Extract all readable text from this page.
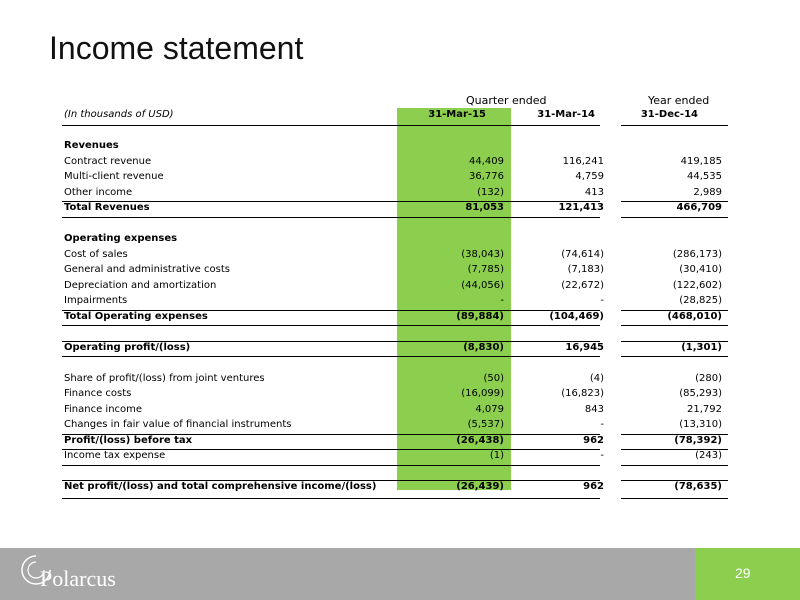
Income statement
Quarter ended	Year ended
(In thousands of USD)	31-Mar-15	31-Mar-14	31-Dec-14
Revenues
Contract revenue	44,409	116,241	419,185
Multi-client revenue	36,776	4,759	44,535
Other income	(132)	413	2,989
Total Revenues	81,053	121,413	466,709
Operating expenses
Cost of sales	(38,043)	(74,614)	(286,173)
General and administrative costs	(7,785)	(7,183)	(30,410)
Depreciation and amortization	(44,056)	(22,672)	(122,602)
Impairments	-	-	(28,825)
Total Operating expenses	(89,884)	(104,469)	(468,010)
Operating profit/(loss)	(8,830)	16,945	(1,301)
Share of profit/(loss) from joint ventures	(50)	(4)	(280)
Finance costs	(16,099)	(16,823)	(85,293)
Finance income	4,079	843	21,792
Changes in fair value of financial instruments	(5,537)	-	(13,310)
Profit/(loss) before tax	(26,438)	962	(78,392)
Income tax expense	(1)	-	(243)
Net profit/(loss) and total comprehensive income/(loss)	(26,439)	962	(78,635)
Polarcus	29
